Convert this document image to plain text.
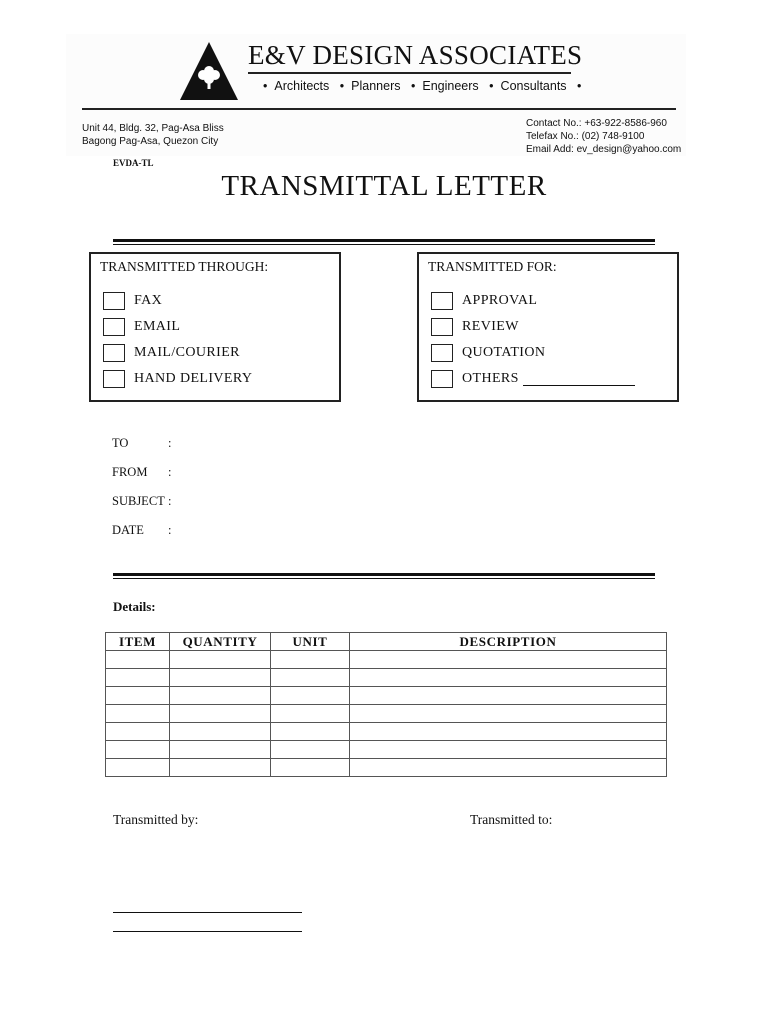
E&V DESIGN ASSOCIATES
• Architects • Planners • Engineers • Consultants •
Unit 44, Bldg. 32, Pag-Asa Bliss
Bagong Pag-Asa, Quezon City
Contact No.: +63-922-8586-960
Telefax No.: (02) 748-9100
Email Add: ev_design@yahoo.com
EVDA-TL
TRANSMITTAL LETTER
TRANSMITTED THROUGH:
FAX
EMAIL
MAIL/COURIER
HAND DELIVERY
TRANSMITTED FOR:
APPROVAL
REVIEW
QUOTATION
OTHERS
TO	:
FROM :
SUBJECT :
DATE :
Details:
ITEM	QUANTITY	UNIT	DESCRIPTION

Transmitted by:	Transmitted to:
